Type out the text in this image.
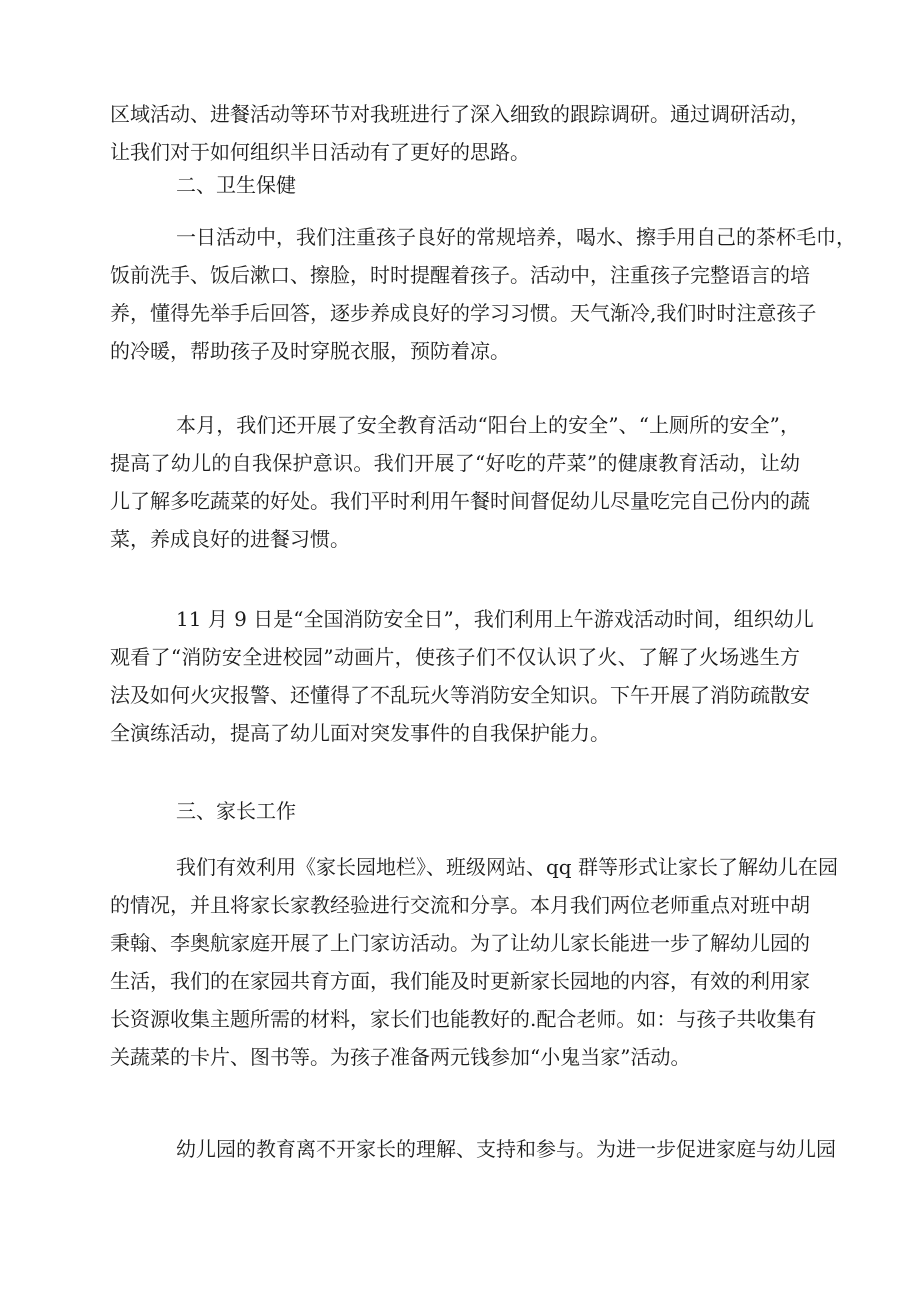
区域活动、进餐活动等环节对我班进行了深入细致的跟踪调研。通过调研活动，
让我们对于如何组织半日活动有了更好的思路。

二、卫生保健

一日活动中，我们注重孩子良好的常规培养，喝水、擦手用自己的茶杯毛巾，
饭前洗手、饭后漱口、擦脸，时时提醒着孩子。活动中，注重孩子完整语言的培
养，懂得先举手后回答，逐步养成良好的学习习惯。天气渐冷,我们时时注意孩子
的冷暖，帮助孩子及时穿脱衣服，预防着凉。

本月，我们还开展了安全教育活动“阳台上的安全”、“上厕所的安全”，
提高了幼儿的自我保护意识。我们开展了“好吃的芹菜”的健康教育活动，让幼
儿了解多吃蔬菜的好处。我们平时利用午餐时间督促幼儿尽量吃完自己份内的蔬
菜，养成良好的进餐习惯。

11 月 9 日是“全国消防安全日”，我们利用上午游戏活动时间，组织幼儿
观看了“消防安全进校园”动画片，使孩子们不仅认识了火、了解了火场逃生方
法及如何火灾报警、还懂得了不乱玩火等消防安全知识。下午开展了消防疏散安
全演练活动，提高了幼儿面对突发事件的自我保护能力。

三、家长工作

我们有效利用《家长园地栏》、班级网站、qq 群等形式让家长了解幼儿在园
的情况，并且将家长家教经验进行交流和分享。本月我们两位老师重点对班中胡
秉翰、李奥航家庭开展了上门家访活动。为了让幼儿家长能进一步了解幼儿园的
生活，我们的在家园共育方面，我们能及时更新家长园地的内容，有效的利用家
长资源收集主题所需的材料，家长们也能教好的.配合老师。如：与孩子共收集有
关蔬菜的卡片、图书等。为孩子准备两元钱参加“小鬼当家”活动。

幼儿园的教育离不开家长的理解、支持和参与。为进一步促进家庭与幼儿园
